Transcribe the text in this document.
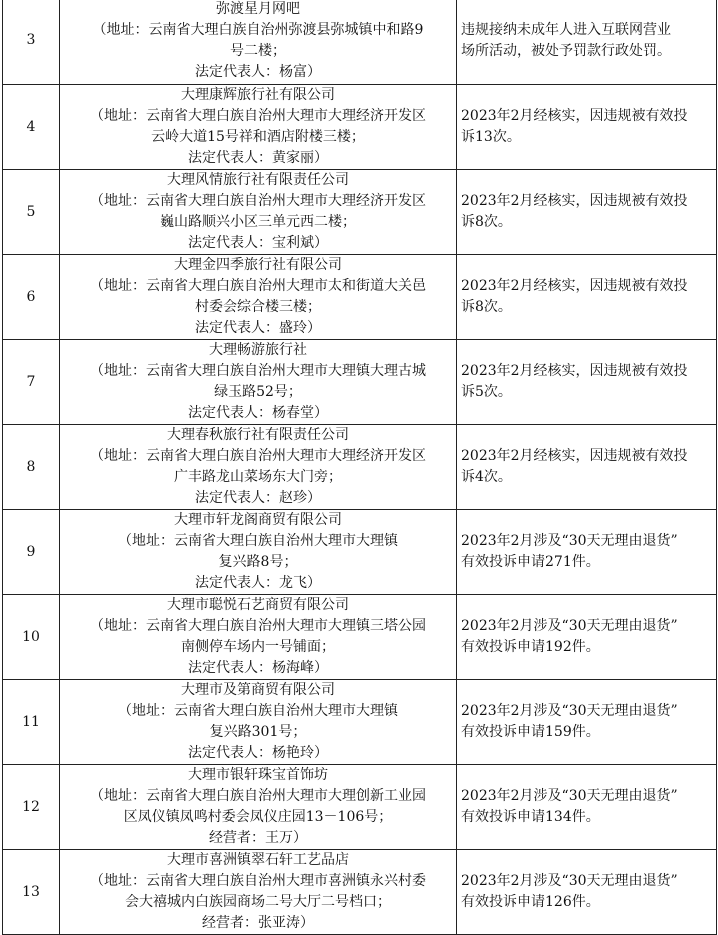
3	弥渡星月网吧
（地址：云南省大理白族自治州弥渡县弥城镇中和路9
号二楼；
法定代表人：杨富）	违规接纳未成年人进入互联网营业
场所活动，被处予罚款行政处罚。

4	大理康辉旅行社有限公司
（地址：云南省大理白族自治州大理市大理经济开发区
云岭大道15号祥和酒店附楼三楼；
法定代表人：黄家丽）	2023年2月经核实，因违规被有效投
诉13次。

5	大理风情旅行社有限责任公司
（地址：云南省大理白族自治州大理市大理经济开发区
巍山路顺兴小区三单元西二楼；
法定代表人：宝利斌）	2023年2月经核实，因违规被有效投
诉8次。

6	大理金四季旅行社有限公司
（地址：云南省大理白族自治州大理市太和街道大关邑
村委会综合楼三楼；
法定代表人：盛玲）	2023年2月经核实，因违规被有效投
诉8次。

7	大理畅游旅行社
（地址：云南省大理白族自治州大理市大理镇大理古城
绿玉路52号；
法定代表人：杨春堂）	2023年2月经核实，因违规被有效投
诉5次。

8	大理春秋旅行社有限责任公司
（地址：云南省大理白族自治州大理市大理经济开发区
广丰路龙山菜场东大门旁；
法定代表人：赵珍）	2023年2月经核实，因违规被有效投
诉4次。

9	大理市轩龙阁商贸有限公司
（地址：云南省大理白族自治州大理市大理镇
复兴路8号；
法定代表人：龙飞）	2023年2月涉及“30天无理由退货”
有效投诉申请271件。

10	大理市聪悦石艺商贸有限公司
（地址：云南省大理白族自治州大理市大理镇三塔公园
南侧停车场内一号铺面；
法定代表人：杨海峰）	2023年2月涉及“30天无理由退货”
有效投诉申请192件。

11	大理市及第商贸有限公司
（地址：云南省大理白族自治州大理市大理镇
复兴路301号；
法定代表人：杨艳玲）	2023年2月涉及“30天无理由退货”
有效投诉申请159件。

12	大理市银轩珠宝首饰坊
（地址：云南省大理白族自治州大理市大理创新工业园
区凤仪镇凤鸣村委会凤仪庄园13－106号；
经营者：王万）	2023年2月涉及“30天无理由退货”
有效投诉申请134件。

13	大理市喜洲镇翠石轩工艺品店
（地址：云南省大理白族自治州大理市喜洲镇永兴村委
会大禧城内白族园商场二号大厅二号档口；
经营者：张亚涛）	2023年2月涉及“30天无理由退货”
有效投诉申请126件。
